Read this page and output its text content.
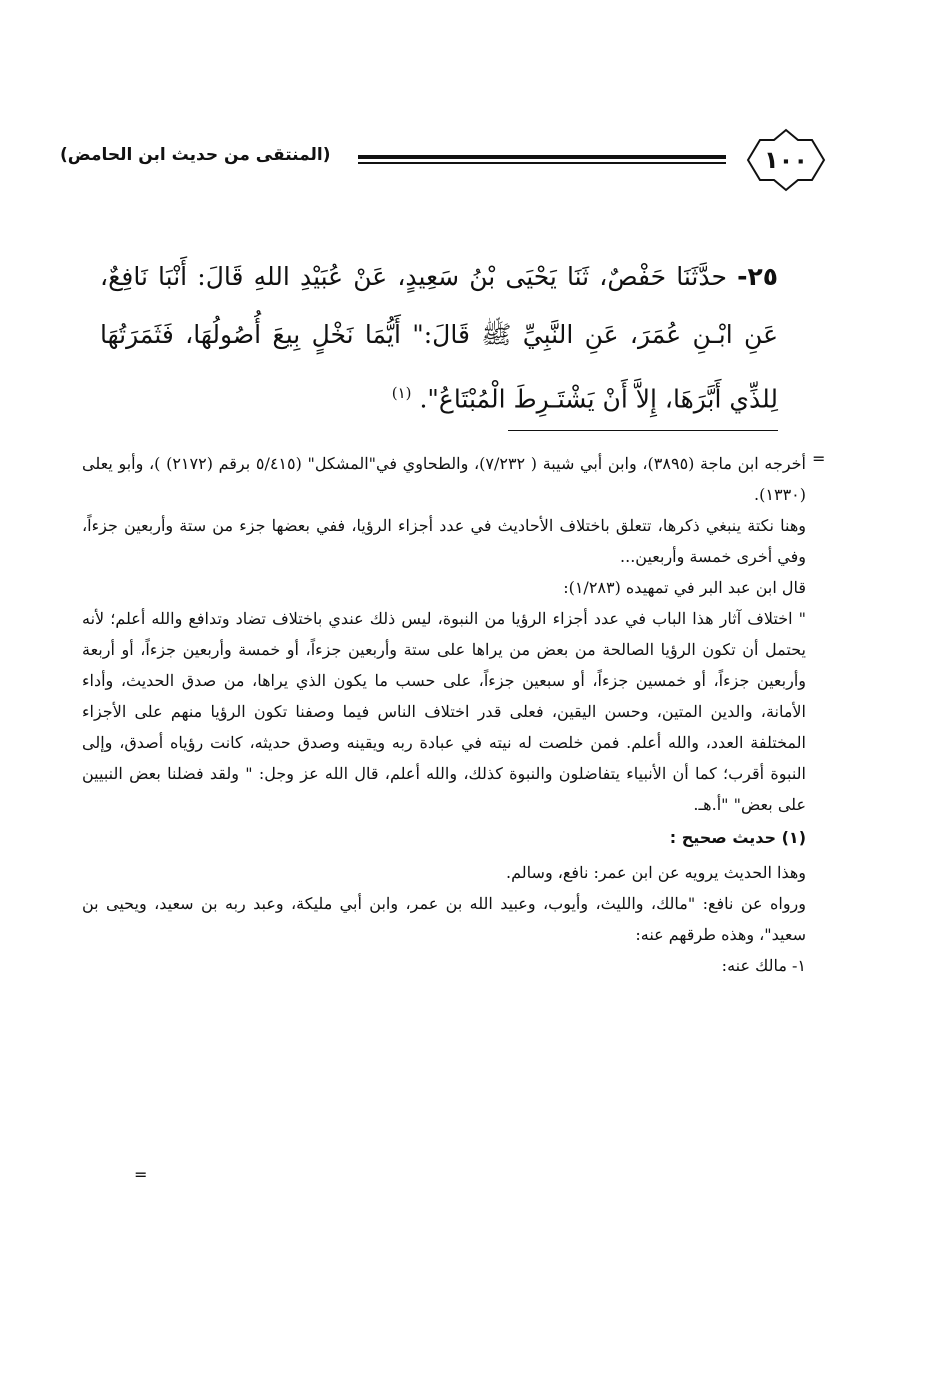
١٠٠
(المنتقى من حديث ابن الحامض)
٢٥- حدَّثَنَا حَفْصٌ، ثَنَا يَحْيَى بْنُ سَعِيدٍ، عَنْ عُبَيْدِ اللهِ قَالَ: أَنْبَا نَافِعٌ، عَنِ ابْـنِ عُمَرَ، عَنِ النَّبِيِّ ﷺ قَالَ:" أَيُّمَا نَخْلٍ بِيعَ أُصُولُهَا، فَثَمَرَتُهَا لِلذِّي أَبَّرَهَا، إِلاَّ أَنْ يَشْتَـرِطَ الْمُبْتَاعُ". $^{(١)}$
=

أخرجه ابن ماجة (٣٨٩٥)، وابن أبي شيبة ( ٧/٢٣٢)، والطحاوي في"المشكل" (٥/٤١٥ برقم (٢١٧٢) )، وأبو يعلى (١٣٣٠).

وهنا نكتة ينبغي ذكرها، تتعلق باختلاف الأحاديث في عدد أجزاء الرؤيا، ففي بعضها جزء من ستة وأربعين جزءاً، وفي أخرى خمسة وأربعين...

قال ابن عبد البر في تمهيده (١/٢٨٣):

" اختلاف آثار هذا الباب في عدد أجزاء الرؤيا من النبوة، ليس ذلك عندي باختلاف تضاد وتدافع والله أعلم؛ لأنه يحتمل أن تكون الرؤيا الصالحة من بعض من يراها على ستة وأربعين جزءاً، أو خمسة وأربعين جزءاً، أو أربعة وأربعين جزءاً، أو خمسين جزءاً، أو سبعين جزءاً، على حسب ما يكون الذي يراها، من صدق الحديث، وأداء الأمانة، والدين المتين، وحسن اليقين، فعلى قدر اختلاف الناس فيما وصفنا تكون الرؤيا منهم على الأجزاء المختلفة العدد، والله أعلم. فمن خلصت له نيته في عبادة ربه ويقينه وصدق حديثه، كانت رؤياه أصدق، وإلى النبوة أقرب؛ كما أن الأنبياء يتفاضلون والنبوة كذلك، والله أعلم، قال الله عز وجل: " ولقد فضلنا بعض النبيين على بعض" "أ.هـ.

(١) حديث صحيح :

وهذا الحديث يرويه عن ابن عمر: نافع، وسالم.

ورواه عن نافع: "مالك، والليث، وأيوب، وعبيد الله بن عمر، وابن أبي مليكة، وعبد ربه بن سعيد، ويحيى بن سعيد"، وهذه طرقهم عنه:

١- مالك عنه:

=
